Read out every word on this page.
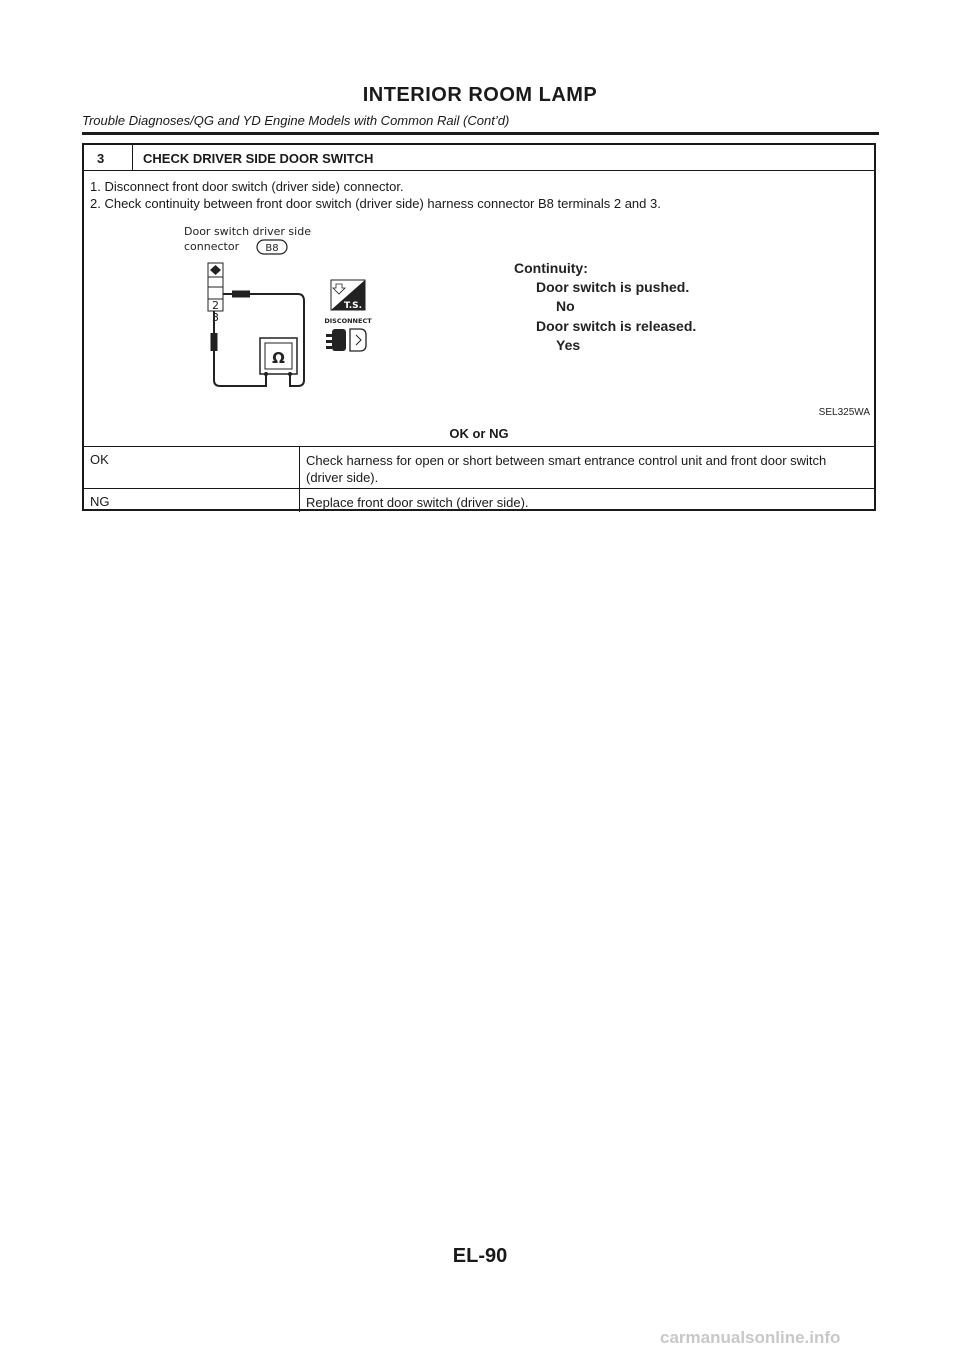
INTERIOR ROOM LAMP
Trouble Diagnoses/QG and YD Engine Models with Common Rail (Cont’d)
3	CHECK DRIVER SIDE DOOR SWITCH
1. Disconnect front door switch (driver side) connector.
2. Check continuity between front door switch (driver side) harness connector B8 terminals 2 and 3.
Door switch driver side
connector	B8
2
3
Ω
T.S.
DISCONNECT
Continuity:
Door switch is pushed.
No
Door switch is released.
Yes
SEL325WA
OK or NG
OK	Check harness for open or short between smart entrance control unit and front door switch (driver side).
NG	Replace front door switch (driver side).
EL-90
carmanualsonline.info
